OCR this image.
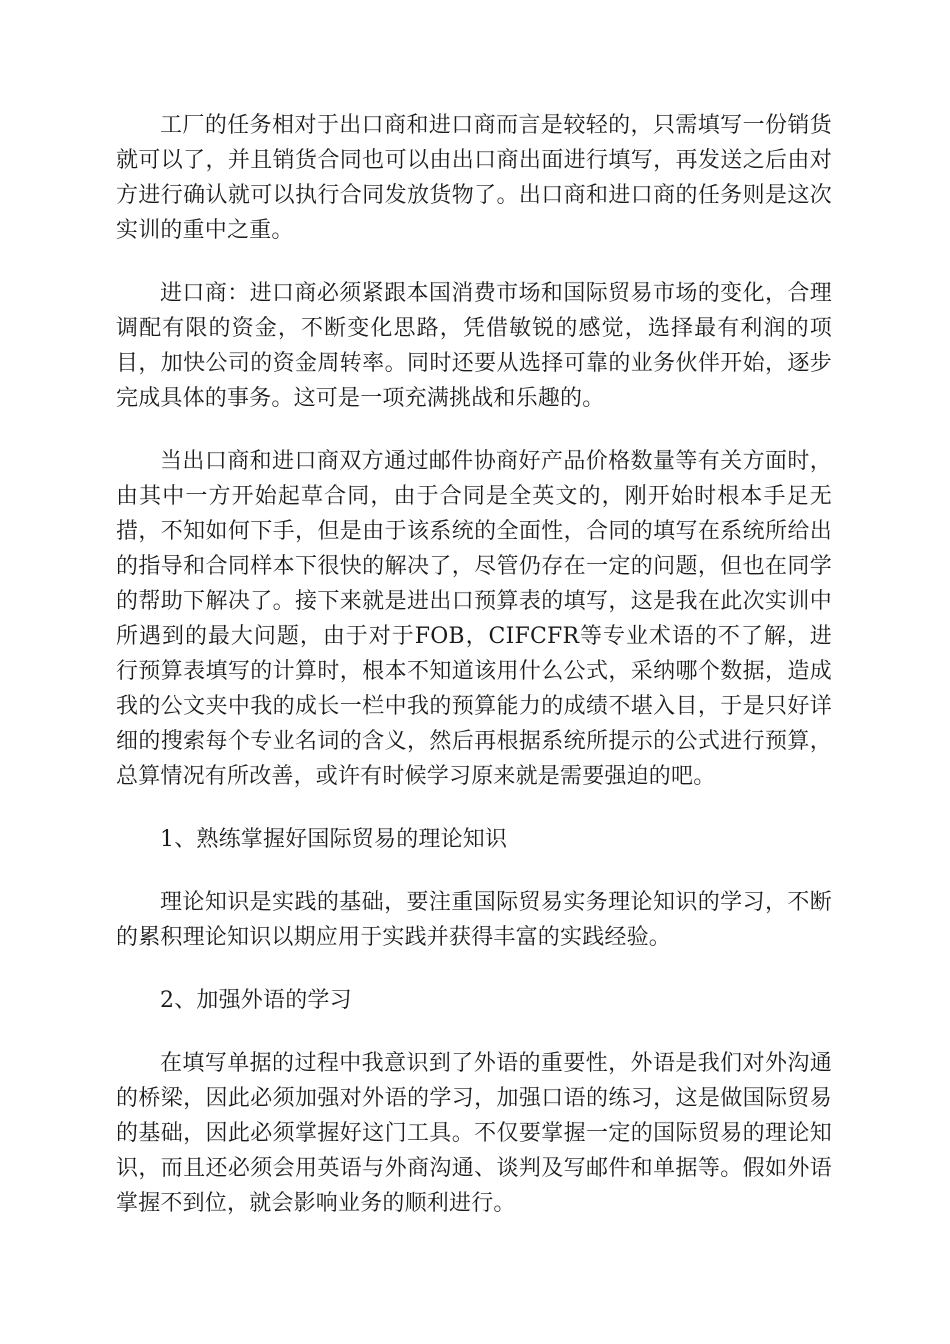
工厂的任务相对于出口商和进口商而言是较轻的，只需填写一份销货就可以了，并且销货合同也可以由出口商出面进行填写，再发送之后由对方进行确认就可以执行合同发放货物了。出口商和进口商的任务则是这次实训的重中之重。

进口商：进口商必须紧跟本国消费市场和国际贸易市场的变化，合理调配有限的资金，不断变化思路，凭借敏锐的感觉，选择最有利润的项目，加快公司的资金周转率。同时还要从选择可靠的业务伙伴开始，逐步完成具体的事务。这可是一项充满挑战和乐趣的。

当出口商和进口商双方通过邮件协商好产品价格数量等有关方面时，由其中一方开始起草合同，由于合同是全英文的，刚开始时根本手足无措，不知如何下手，但是由于该系统的全面性，合同的填写在系统所给出的指导和合同样本下很快的解决了，尽管仍存在一定的问题，但也在同学的帮助下解决了。接下来就是进出口预算表的填写，这是我在此次实训中所遇到的最大问题，由于对于FOB，CIFCFR等专业术语的不了解，进行预算表填写的计算时，根本不知道该用什么公式，采纳哪个数据，造成我的公文夹中我的成长一栏中我的预算能力的成绩不堪入目，于是只好详细的搜索每个专业名词的含义，然后再根据系统所提示的公式进行预算，总算情况有所改善，或许有时候学习原来就是需要强迫的吧。

1、熟练掌握好国际贸易的理论知识

理论知识是实践的基础，要注重国际贸易实务理论知识的学习，不断的累积理论知识以期应用于实践并获得丰富的实践经验。

2、加强外语的学习

在填写单据的过程中我意识到了外语的重要性，外语是我们对外沟通的桥梁，因此必须加强对外语的学习，加强口语的练习，这是做国际贸易的基础，因此必须掌握好这门工具。不仅要掌握一定的国际贸易的理论知识，而且还必须会用英语与外商沟通、谈判及写邮件和单据等。假如外语掌握不到位，就会影响业务的顺利进行。
